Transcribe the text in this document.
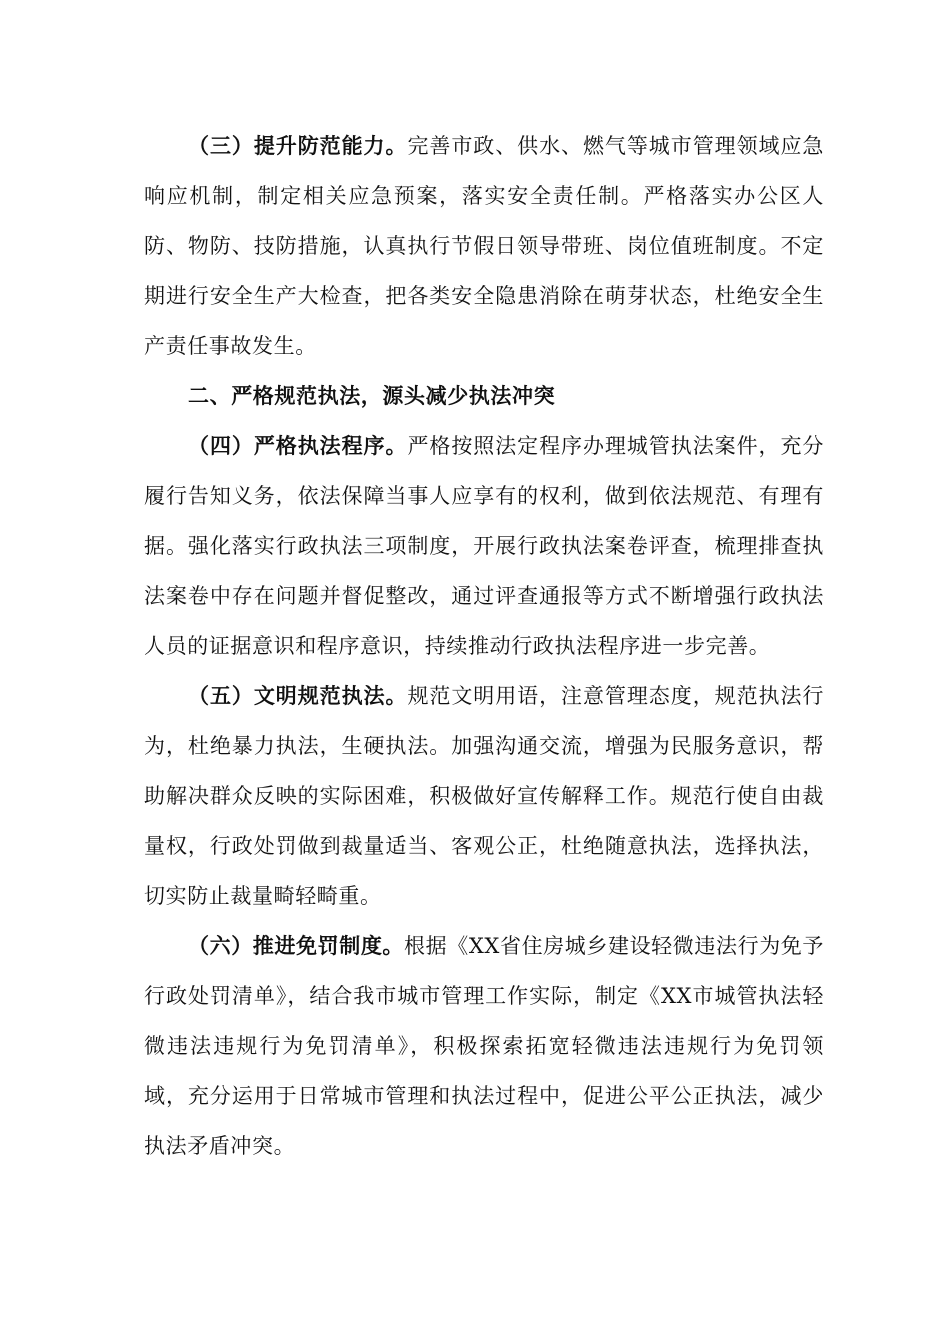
（三）提升防范能力。完善市政、供水、燃气等城市管理领域应急响应机制，制定相关应急预案，落实安全责任制。严格落实办公区人防、物防、技防措施，认真执行节假日领导带班、岗位值班制度。不定期进行安全生产大检查，把各类安全隐患消除在萌芽状态，杜绝安全生产责任事故发生。

二、严格规范执法，源头减少执法冲突

（四）严格执法程序。严格按照法定程序办理城管执法案件，充分履行告知义务，依法保障当事人应享有的权利，做到依法规范、有理有据。强化落实行政执法三项制度，开展行政执法案卷评查，梳理排查执法案卷中存在问题并督促整改，通过评查通报等方式不断增强行政执法人员的证据意识和程序意识，持续推动行政执法程序进一步完善。

（五）文明规范执法。规范文明用语，注意管理态度，规范执法行为，杜绝暴力执法，生硬执法。加强沟通交流，增强为民服务意识，帮助解决群众反映的实际困难，积极做好宣传解释工作。规范行使自由裁量权，行政处罚做到裁量适当、客观公正，杜绝随意执法，选择执法，切实防止裁量畸轻畸重。

（六）推进免罚制度。根据《XX省住房城乡建设轻微违法行为免予行政处罚清单》，结合我市城市管理工作实际，制定《XX市城管执法轻微违法违规行为免罚清单》，积极探索拓宽轻微违法违规行为免罚领域，充分运用于日常城市管理和执法过程中，促进公平公正执法，减少执法矛盾冲突。
